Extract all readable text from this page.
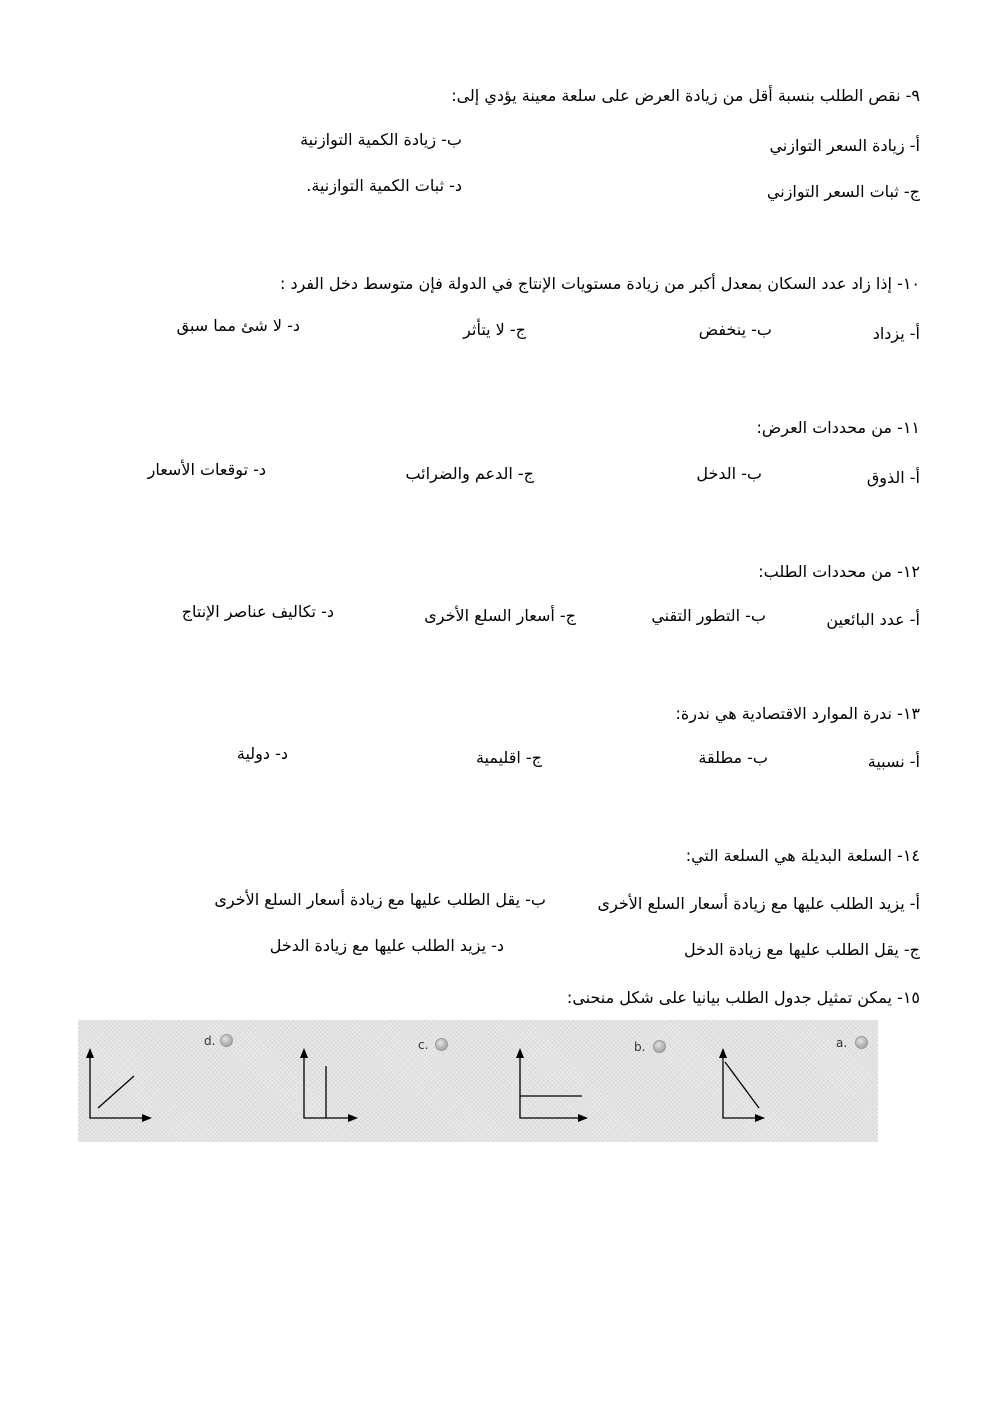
٩- نقص الطلب بنسبة أقل من زيادة العرض على سلعة معينة يؤدي إلى:
أ- زيادة السعر التوازني
ب- زيادة الكمية التوازنية
ج- ثبات السعر التوازني
د- ثبات الكمية التوازنية.
١٠- إذا زاد عدد السكان بمعدل أكبر من زيادة مستويات الإنتاج في الدولة فإن متوسط دخل الفرد :
أ- يزداد
ب- ينخفض
ج- لا يتأثر
د- لا شئ مما سبق
١١- من محددات العرض:
أ- الذوق
ب- الدخل
ج- الدعم والضرائب
د- توقعات الأسعار
١٢- من محددات الطلب:
أ- عدد البائعين
ب- التطور التقني
ج- أسعار السلع الأخرى
د- تكاليف عناصر الإنتاج
١٣- ندرة الموارد الاقتصادية هي ندرة:
أ- نسبية
ب- مطلقة
ج- اقليمية
د- دولية
١٤- السلعة البديلة هي السلعة التي:
أ- يزيد الطلب عليها مع زيادة أسعار السلع الأخرى
ب- يقل الطلب عليها مع زيادة أسعار السلع الأخرى
ج- يقل الطلب عليها مع زيادة الدخل
د- يزيد الطلب عليها مع زيادة الدخل
١٥- يمكن تمثيل جدول الطلب بيانيا على شكل منحنى:
a.
b.
c.
d.
